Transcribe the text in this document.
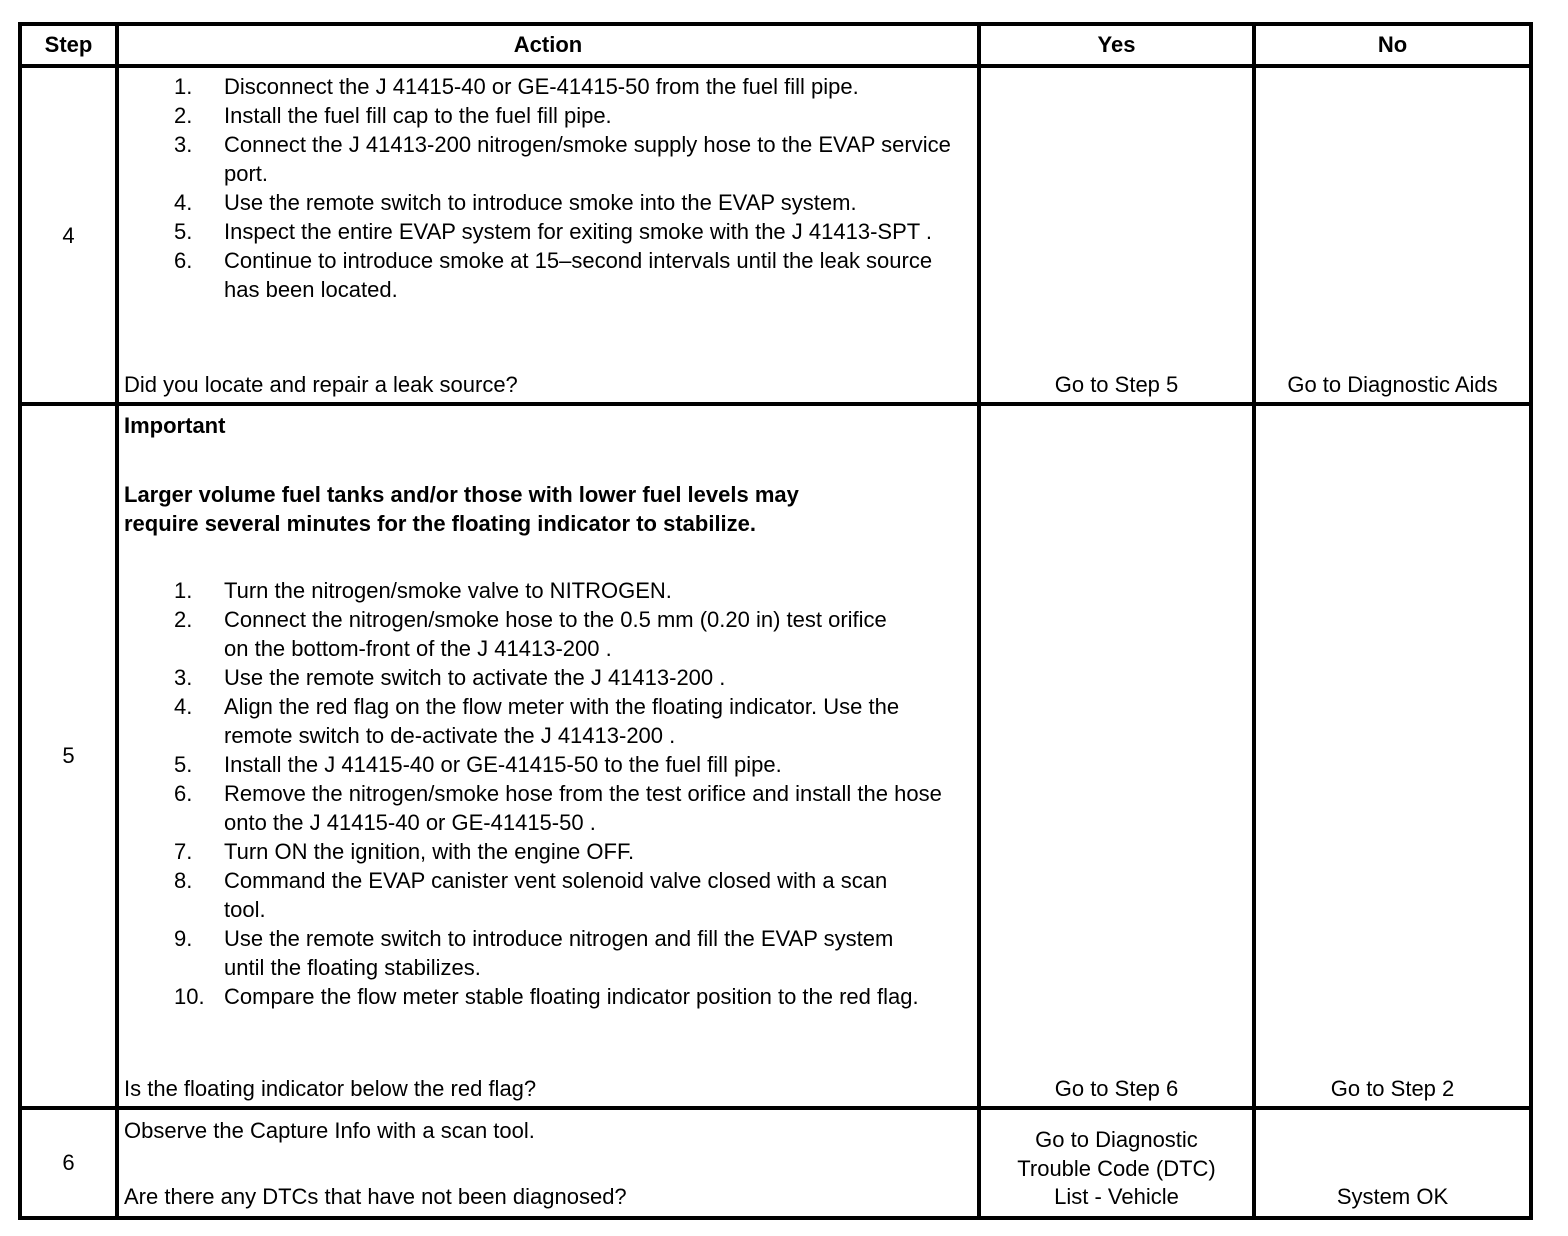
Step	Action	Yes	No
4
1. Disconnect the J 41415-40 or GE-41415-50 from the fuel fill pipe.
2. Install the fuel fill cap to the fuel fill pipe.
3. Connect the J 41413-200 nitrogen/smoke supply hose to the EVAP service port.
4. Use the remote switch to introduce smoke into the EVAP system.
5. Inspect the entire EVAP system for exiting smoke with the J 41413-SPT .
6. Continue to introduce smoke at 15–second intervals until the leak source has been located.
Did you locate and repair a leak source?	Go to Step 5	Go to Diagnostic Aids
5
Important
Larger volume fuel tanks and/or those with lower fuel levels may
require several minutes for the floating indicator to stabilize.
1. Turn the nitrogen/smoke valve to NITROGEN.
2. Connect the nitrogen/smoke hose to the 0.5 mm (0.20 in) test orifice on the bottom-front of the J 41413-200 .
3. Use the remote switch to activate the J 41413-200 .
4. Align the red flag on the flow meter with the floating indicator. Use the remote switch to de-activate the J 41413-200 .
5. Install the J 41415-40 or GE-41415-50 to the fuel fill pipe.
6. Remove the nitrogen/smoke hose from the test orifice and install the hose onto the J 41415-40 or GE-41415-50 .
7. Turn ON the ignition, with the engine OFF.
8. Command the EVAP canister vent solenoid valve closed with a scan tool.
9. Use the remote switch to introduce nitrogen and fill the EVAP system until the floating stabilizes.
10. Compare the flow meter stable floating indicator position to the red flag.
Is the floating indicator below the red flag?	Go to Step 6	Go to Step 2
6
Observe the Capture Info with a scan tool.
Are there any DTCs that have not been diagnosed?
Go to Diagnostic
Trouble Code (DTC)
List - Vehicle	System OK
